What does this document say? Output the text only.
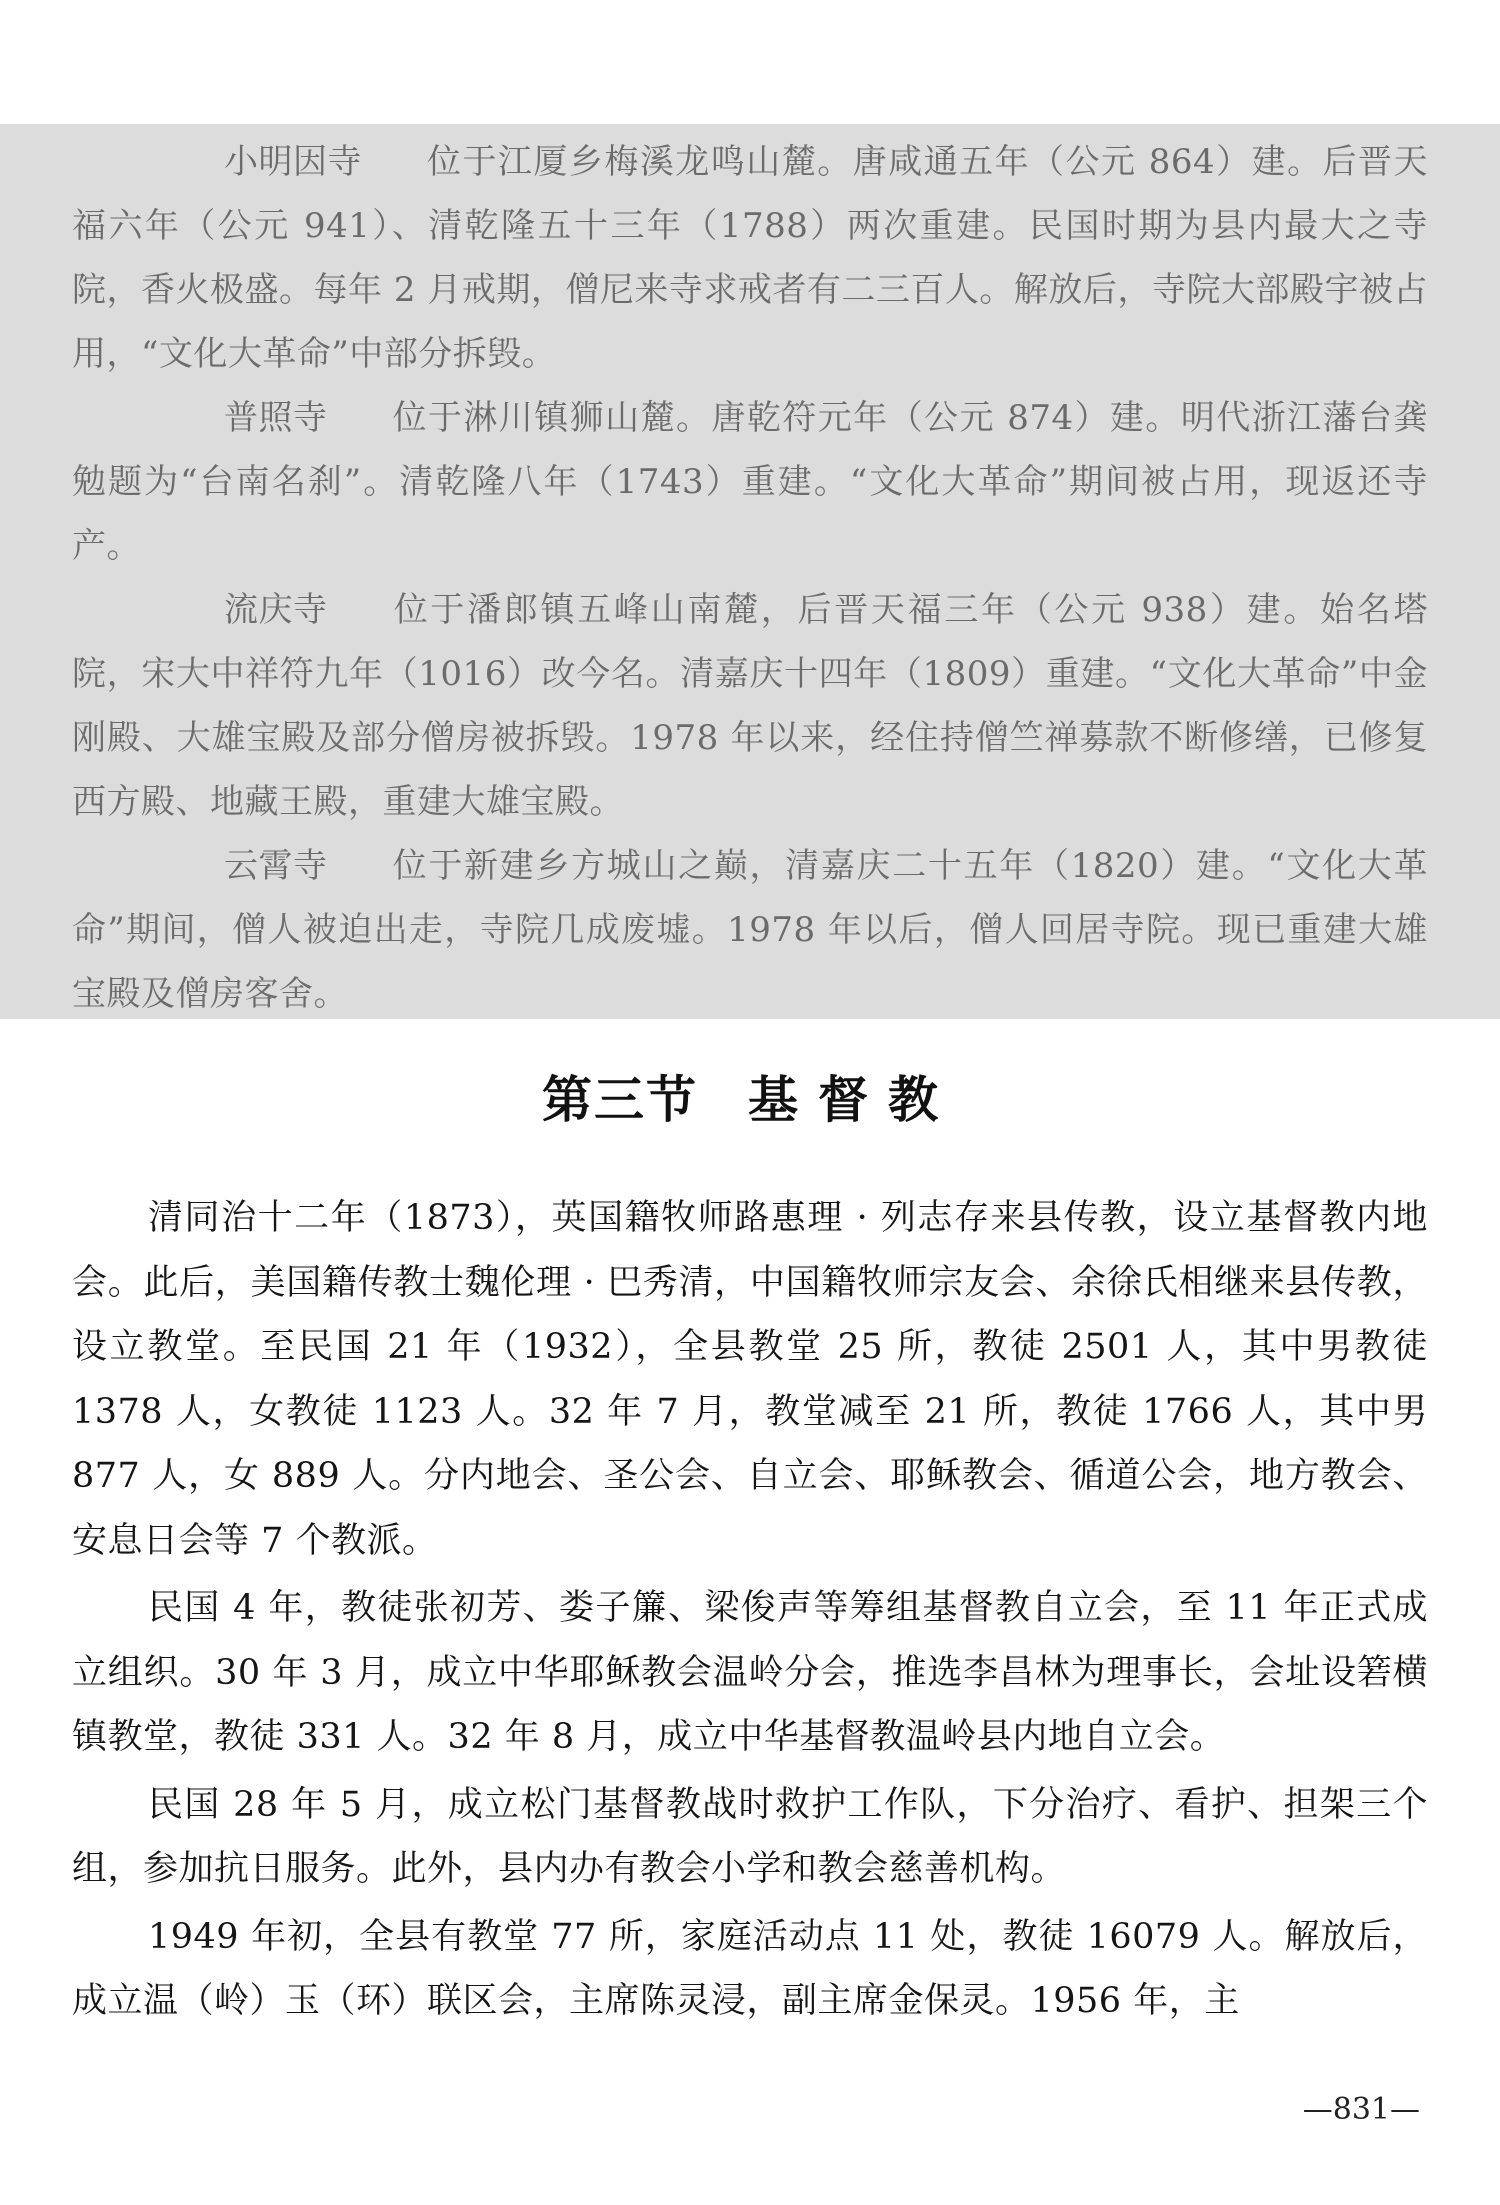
小明因寺 位于江厦乡梅溪龙鸣山麓。唐咸通五年（公元 864）建。后晋天福六年（公元 941）、清乾隆五十三年（1788）两次重建。民国时期为县内最大之寺院，香火极盛。每年 2 月戒期，僧尼来寺求戒者有二三百人。解放后，寺院大部殿宇被占用，“文化大革命”中部分拆毁。

普照寺 位于淋川镇狮山麓。唐乾符元年（公元 874）建。明代浙江藩台龚勉题为“台南名刹”。清乾隆八年（1743）重建。“文化大革命”期间被占用，现返还寺产。

流庆寺 位于潘郎镇五峰山南麓，后晋天福三年（公元 938）建。始名塔院，宋大中祥符九年（1016）改今名。清嘉庆十四年（1809）重建。“文化大革命”中金刚殿、大雄宝殿及部分僧房被拆毁。1978 年以来，经住持僧竺禅募款不断修缮，已修复西方殿、地藏王殿，重建大雄宝殿。

云霄寺 位于新建乡方城山之巅，清嘉庆二十五年（1820）建。“文化大革命”期间，僧人被迫出走，寺院几成废墟。1978 年以后，僧人回居寺院。现已重建大雄宝殿及僧房客舍。

第三节 基督教

清同治十二年（1873），英国籍牧师路惠理 · 列志存来县传教，设立基督教内地会。此后，美国籍传教士魏伦理 · 巴秀清，中国籍牧师宗友会、余徐氏相继来县传教，设立教堂。至民国 21 年（1932），全县教堂 25 所，教徒 2501 人，其中男教徒 1378 人，女教徒 1123 人。32 年 7 月，教堂减至 21 所，教徒 1766 人，其中男 877 人，女 889 人。分内地会、圣公会、自立会、耶稣教会、循道公会，地方教会、安息日会等 7 个教派。

民国 4 年，教徒张初芳、娄子簾、梁俊声等筹组基督教自立会，至 11 年正式成立组织。30 年 3 月，成立中华耶稣教会温岭分会，推选李昌林为理事长，会址设箬横镇教堂，教徒 331 人。32 年 8 月，成立中华基督教温岭县内地自立会。

民国 28 年 5 月，成立松门基督教战时救护工作队，下分治疗、看护、担架三个组，参加抗日服务。此外，县内办有教会小学和教会慈善机构。

1949 年初，全县有教堂 77 所，家庭活动点 11 处，教徒 16079 人。解放后，成立温（岭）玉（环）联区会，主席陈灵浸，副主席金保灵。1956 年，主

—831—
